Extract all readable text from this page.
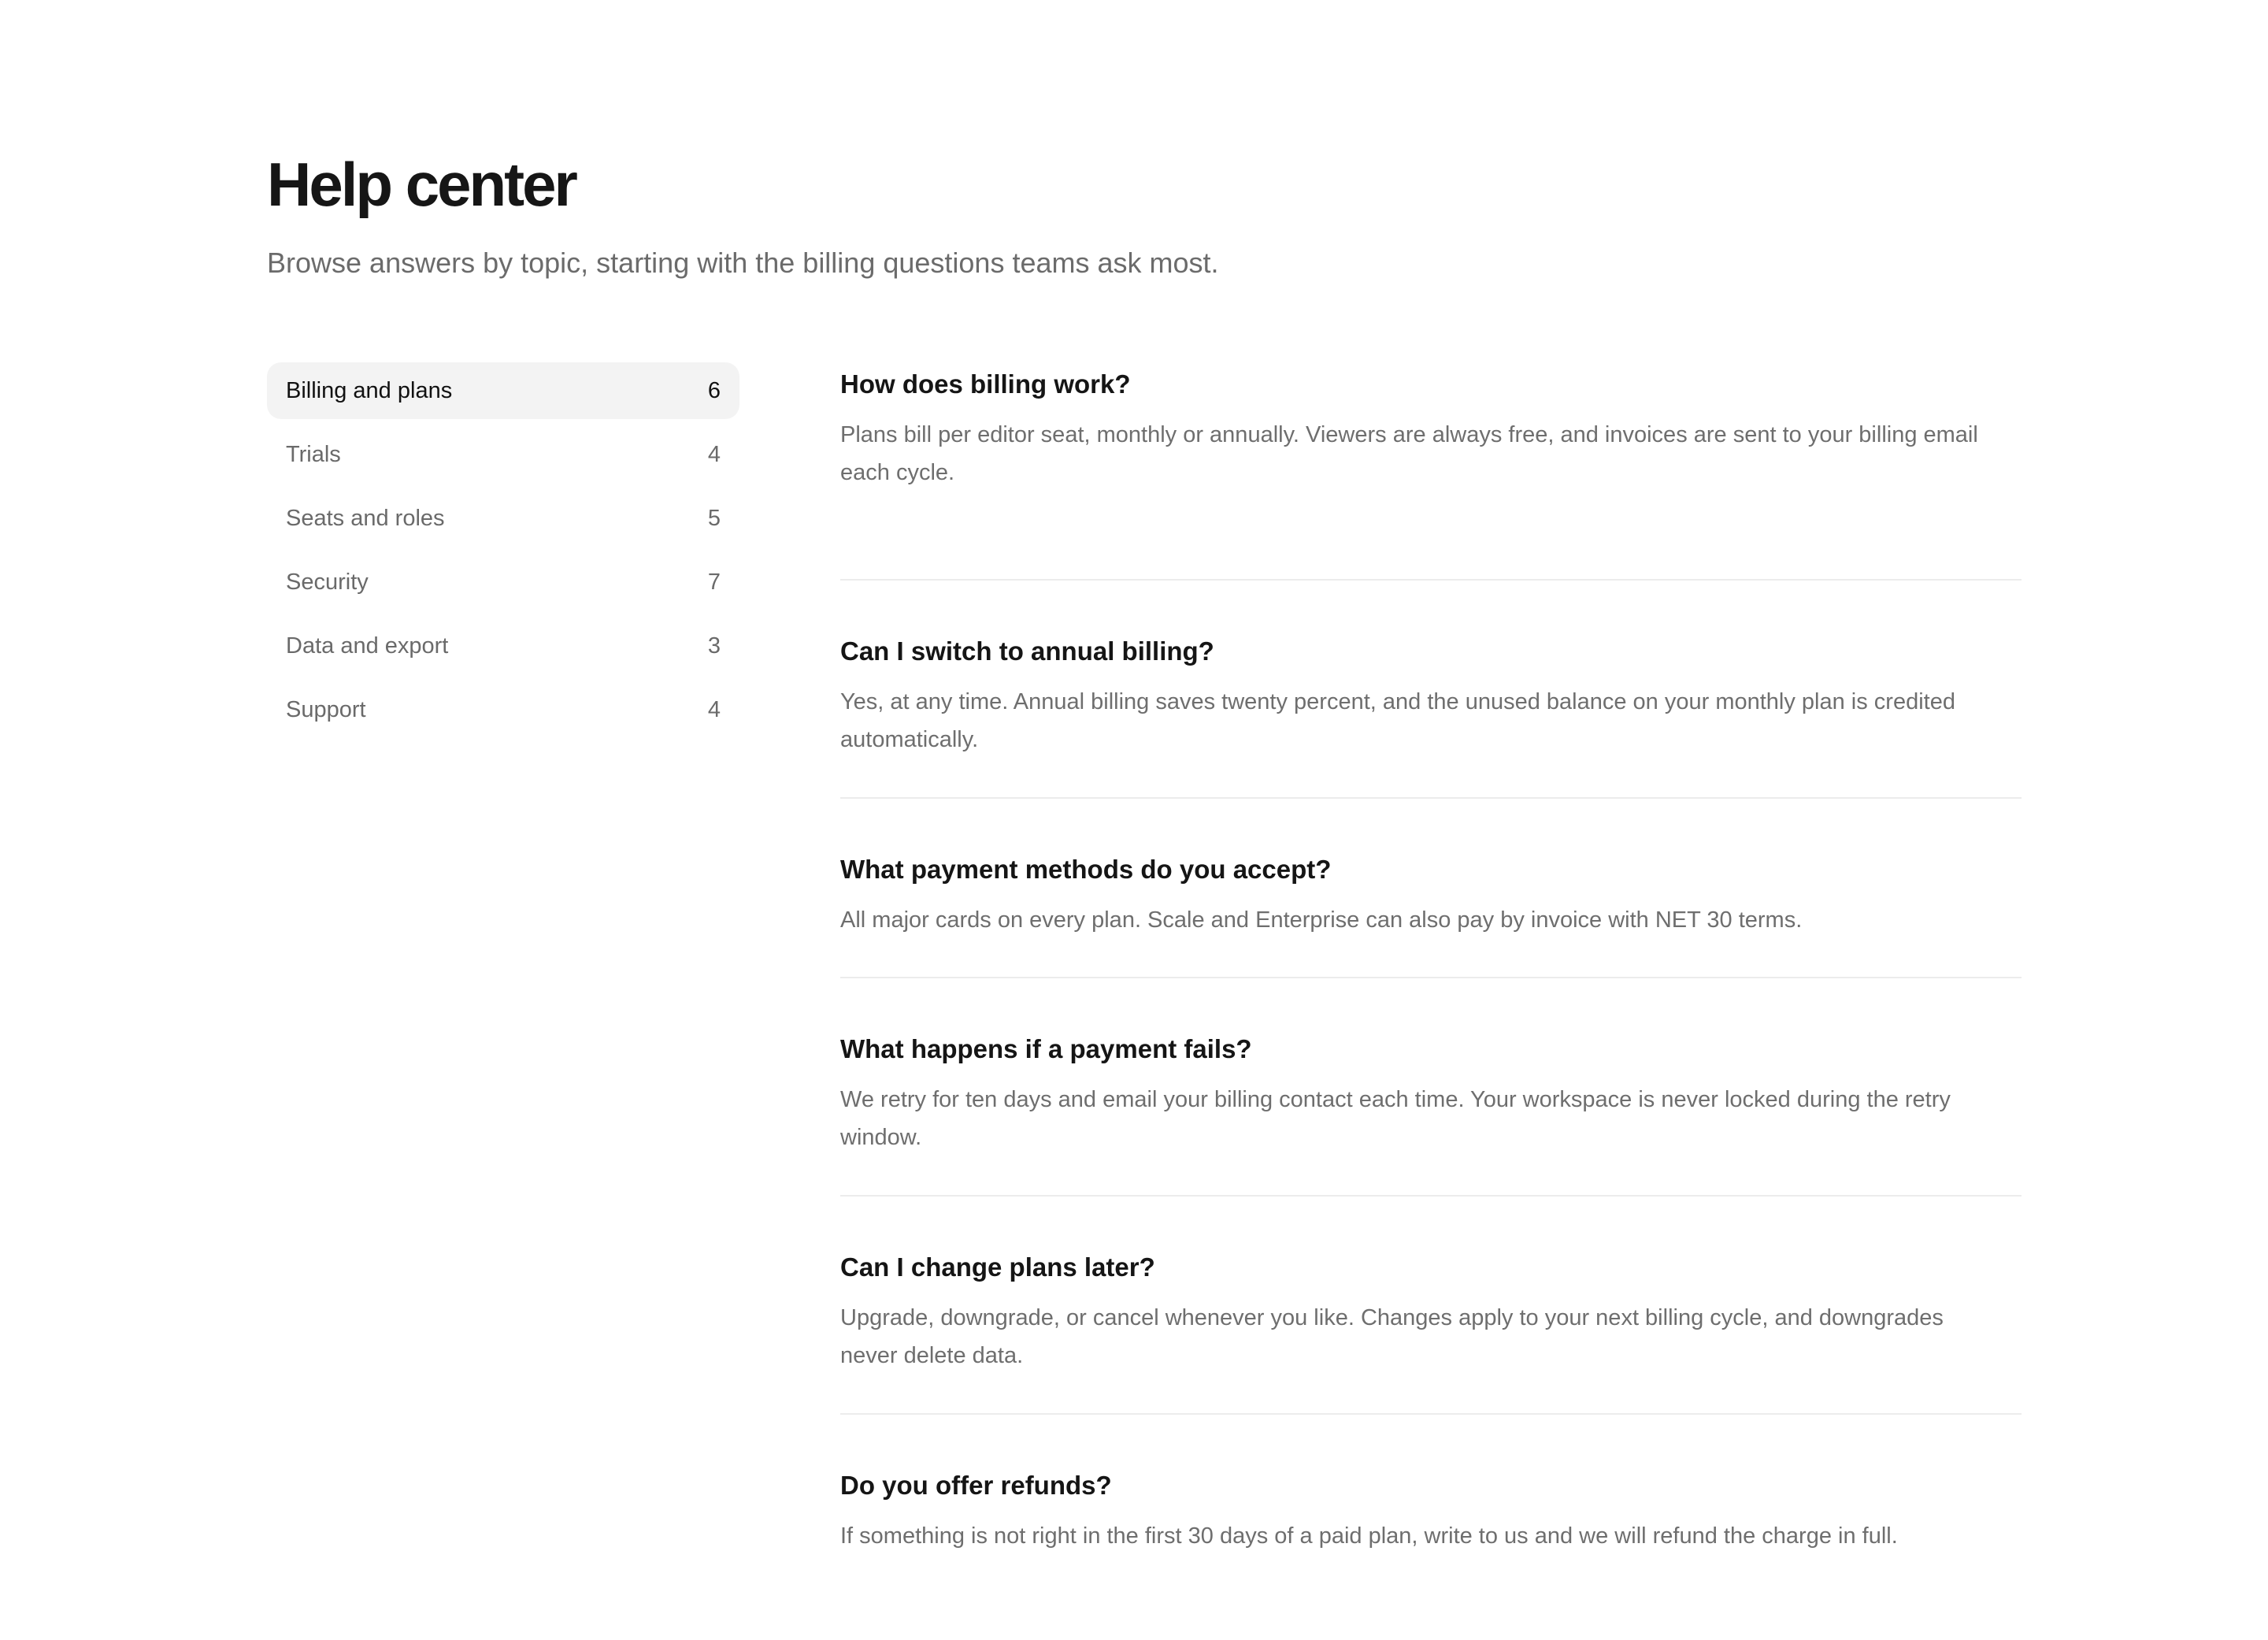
Help center

Browse answers by topic, starting with the billing questions teams ask most.

Billing and plans	6
Trials	4
Seats and roles	5
Security	7
Data and export	3
Support	4
How does billing work?

Plans bill per editor seat, monthly or annually. Viewers are always free, and invoices are sent to your billing email each cycle.

Can I switch to annual billing?

Yes, at any time. Annual billing saves twenty percent, and the unused balance on your monthly plan is credited automatically.

What payment methods do you accept?

All major cards on every plan. Scale and Enterprise can also pay by invoice with NET 30 terms.

What happens if a payment fails?

We retry for ten days and email your billing contact each time. Your workspace is never locked during the retry window.

Can I change plans later?

Upgrade, downgrade, or cancel whenever you like. Changes apply to your next billing cycle, and downgrades never delete data.

Do you offer refunds?

If something is not right in the first 30 days of a paid plan, write to us and we will refund the charge in full.
